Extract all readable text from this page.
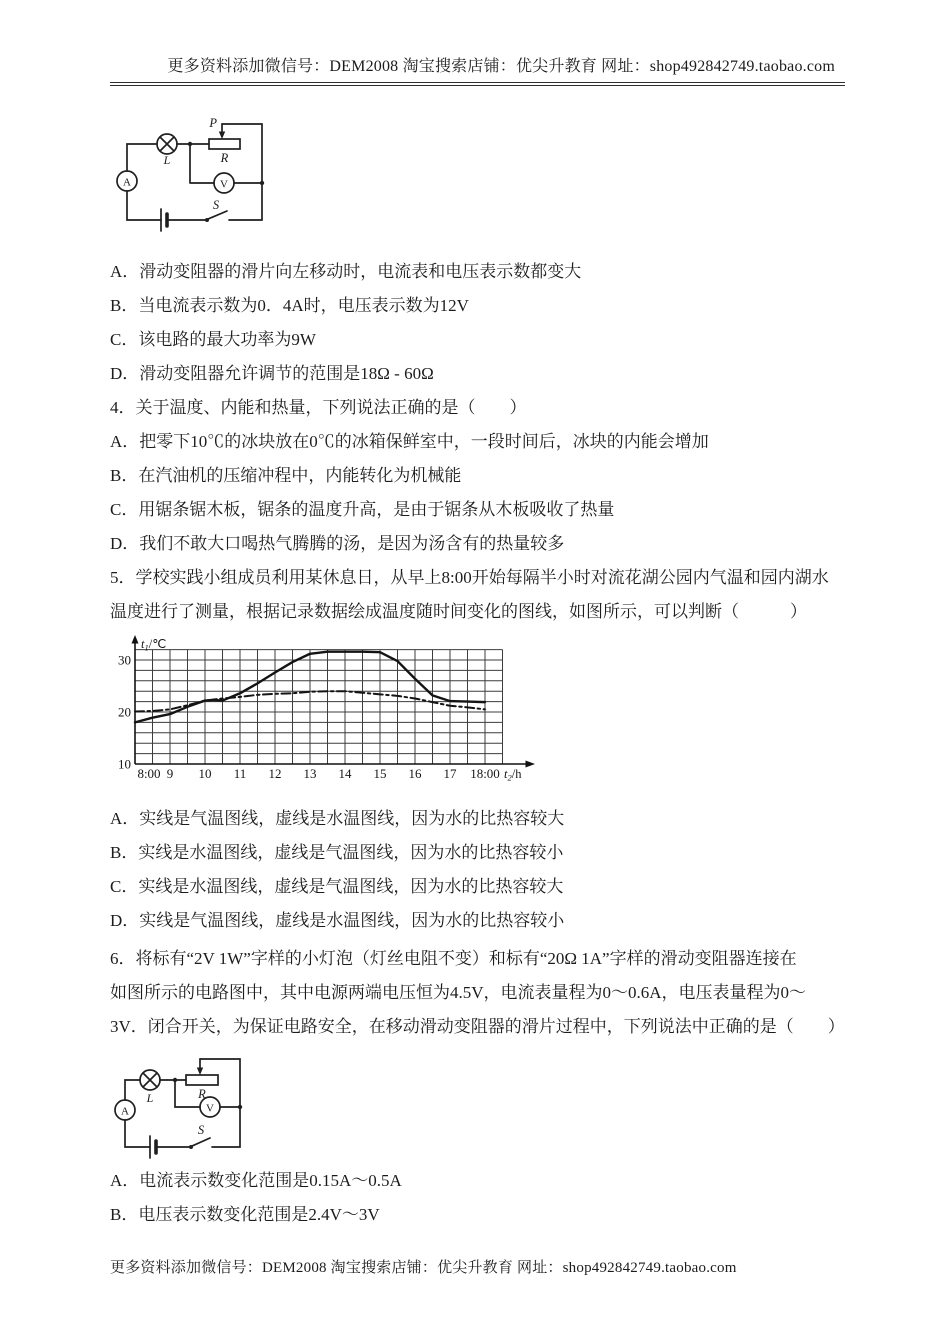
更多资料添加微信号：DEM2008 淘宝搜索店铺：优尖升教育 网址：shop492842749.taobao.com
A	V
L	R
P
S
A．滑动变阻器的滑片向左移动时，电流表和电压表示数都变大
B．当电流表示数为0．4A时，电压表示数为12V
C．该电路的最大功率为9W
D．滑动变阻器允许调节的范围是18Ω - 60Ω
4．关于温度、内能和热量，下列说法正确的是（　　）
A．把零下10℃的冰块放在0℃的冰箱保鲜室中，一段时间后，冰块的内能会增加
B．在汽油机的压缩冲程中，内能转化为机械能
C．用锯条锯木板，锯条的温度升高，是由于锯条从木板吸收了热量
D．我们不敢大口喝热气腾腾的汤，是因为汤含有的热量较多
5．学校实践小组成员利用某休息日，从早上8:00开始每隔半小时对流花湖公园内气温和园内湖水
温度进行了测量，根据记录数据绘成温度随时间变化的图线，如图所示，可以判断（　　　）
10
20
30
8:00 9 10 11 12 13 14 15 16 17 18:00
$t_1/℃$
$t_2/h$
A．实线是气温图线，虚线是水温图线，因为水的比热容较大
B．实线是水温图线，虚线是气温图线，因为水的比热容较小
C．实线是水温图线，虚线是气温图线，因为水的比热容较大
D．实线是气温图线，虚线是水温图线，因为水的比热容较小
6．将标有“2V 1W”字样的小灯泡（灯丝电阻不变）和标有“20Ω 1A”字样的滑动变阻器连接在
如图所示的电路图中，其中电源两端电压恒为4.5V，电流表量程为0～0.6A，电压表量程为0～
3V．闭合开关，为保证电路安全，在移动滑动变阻器的滑片过程中，下列说法中正确的是（　　）
A	V
L	R
S
A．电流表示数变化范围是0.15A～0.5A
B．电压表示数变化范围是2.4V～3V
更多资料添加微信号：DEM2008 淘宝搜索店铺：优尖升教育 网址：shop492842749.taobao.com
